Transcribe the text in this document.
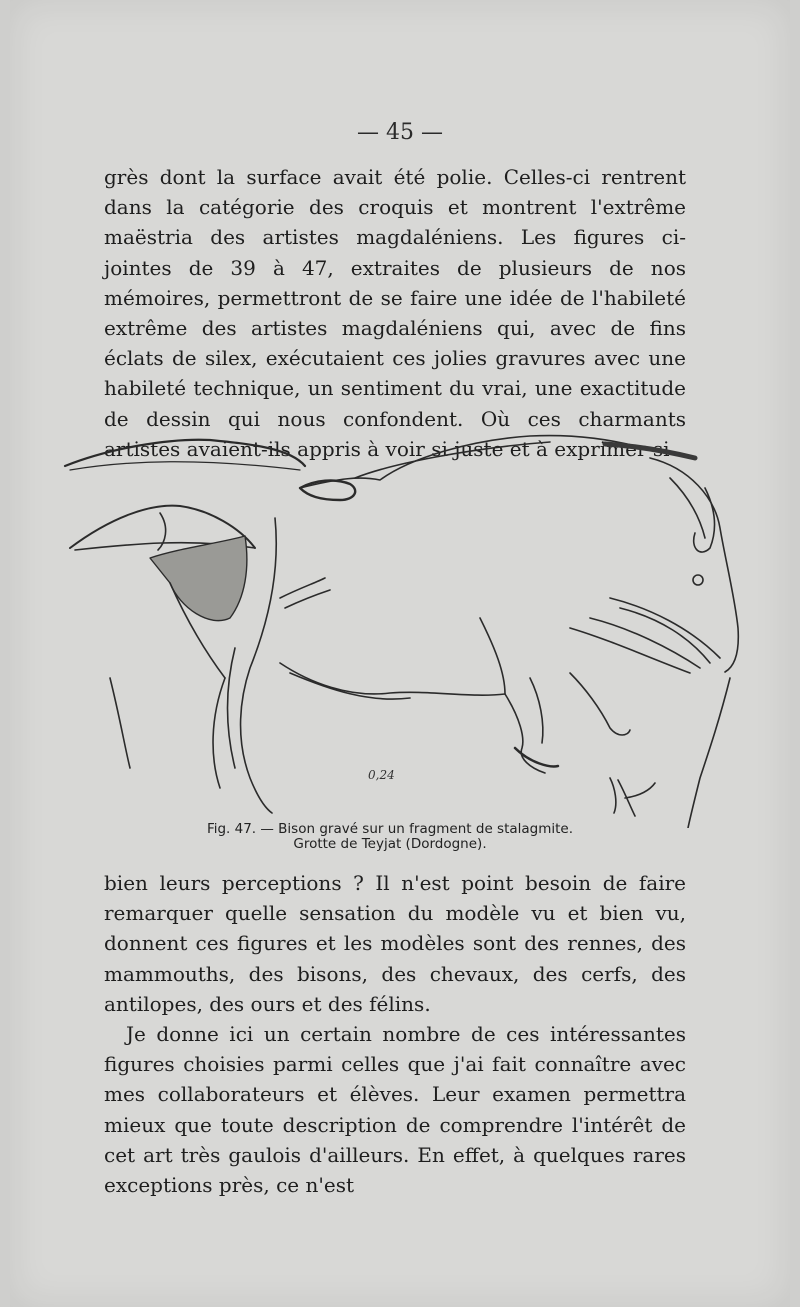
— 45 —

grès dont la surface avait été polie. Celles-ci rentrent dans la catégorie des croquis et montrent l'extrême maëstria des artistes magdaléniens. Les figures ci-jointes de 39 à 47, extraites de plusieurs de nos mémoires, permettront de se faire une idée de l'habileté extrême des artistes magdaléniens qui, avec de fins éclats de silex, exécutaient ces jolies gravures avec une habileté technique, un sentiment du vrai, une exactitude de dessin qui nous confondent. Où ces charmants artistes avaient-ils appris à voir si juste et à exprimer si

0,24
Fig. 47. — Bison gravé sur un fragment de stalagmite.
Grotte de Teyjat (Dordogne).

bien leurs perceptions ? Il n'est point besoin de faire remarquer quelle sensation du modèle vu et bien vu, donnent ces figures et les modèles sont des rennes, des mammouths, des bisons, des chevaux, des cerfs, des antilopes, des ours et des félins.

Je donne ici un certain nombre de ces intéressantes figures choisies parmi celles que j'ai fait connaître avec mes collaborateurs et élèves. Leur examen permettra mieux que toute description de comprendre l'intérêt de cet art très gaulois d'ailleurs. En effet, à quelques rares exceptions près, ce n'est
